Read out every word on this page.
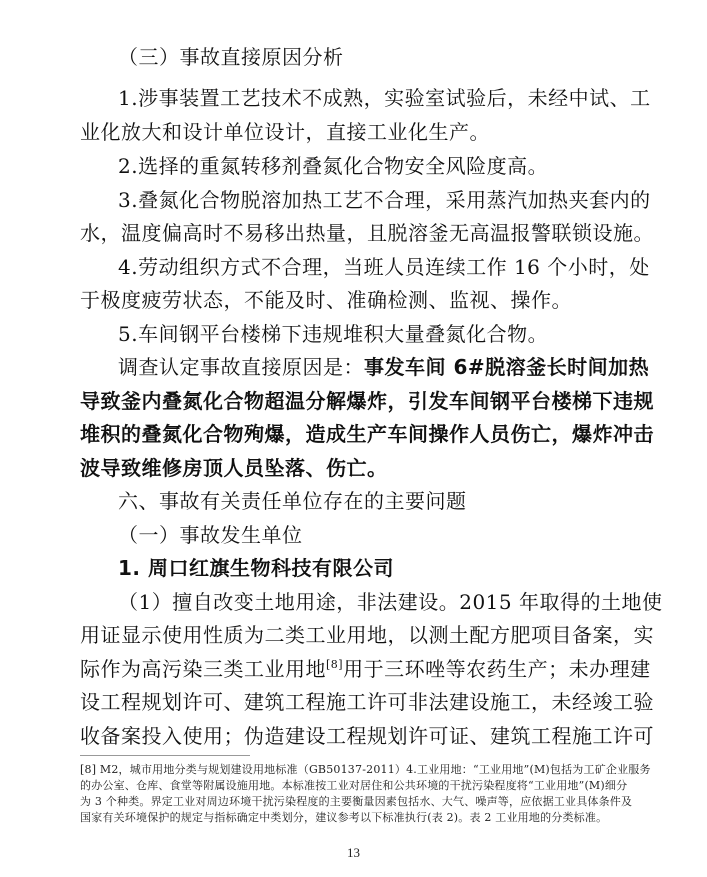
（三）事故直接原因分析
1.涉事装置工艺技术不成熟，实验室试验后，未经中试、工
业化放大和设计单位设计，直接工业化生产。
2.选择的重氮转移剂叠氮化合物安全风险度高。
3.叠氮化合物脱溶加热工艺不合理，采用蒸汽加热夹套内的
水，温度偏高时不易移出热量，且脱溶釜无高温报警联锁设施。
4.劳动组织方式不合理，当班人员连续工作 16 个小时，处
于极度疲劳状态，不能及时、准确检测、监视、操作。
5.车间钢平台楼梯下违规堆积大量叠氮化合物。
调查认定事故直接原因是：事发车间 6#脱溶釜长时间加热
导致釜内叠氮化合物超温分解爆炸，引发车间钢平台楼梯下违规
堆积的叠氮化合物殉爆，造成生产车间操作人员伤亡，爆炸冲击
波导致维修房顶人员坠落、伤亡。
六、事故有关责任单位存在的主要问题
（一）事故发生单位
1. 周口红旗生物科技有限公司
（1）擅自改变土地用途，非法建设。2015 年取得的土地使
用证显示使用性质为二类工业用地，以测土配方肥项目备案，实
际作为高污染三类工业用地[8]用于三环唑等农药生产；未办理建
设工程规划许可、建筑工程施工许可非法建设施工，未经竣工验
收备案投入使用；伪造建设工程规划许可证、建筑工程施工许可
[8] M2，城市用地分类与规划建设用地标准（GB50137-2011）4.工业用地：“工业用地”(M)包括为工矿企业服务
的办公室、仓库、食堂等附属设施用地。本标准按工业对居住和公共环境的干扰污染程度将“工业用地”(M)细分
为 3 个种类。界定工业对周边环境干扰污染程度的主要衡量因素包括水、大气、噪声等，应依据工业具体条件及
国家有关环境保护的规定与指标确定中类划分，建议参考以下标准执行(表 2)。表 2 工业用地的分类标准。
13
